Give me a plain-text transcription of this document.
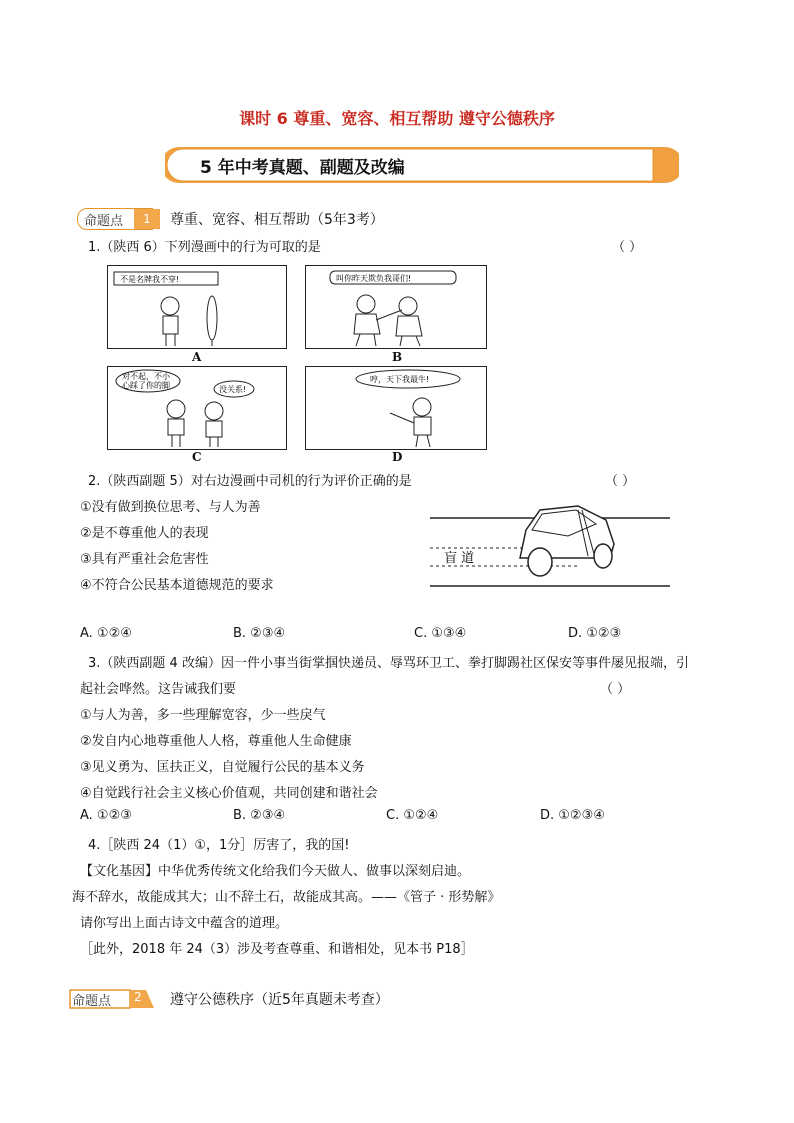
课时 6 尊重、宽容、相互帮助 遵守公德秩序
5 年中考真题、副题及改编
命题点	1	尊重、宽容、相互帮助（5年3考）
1.（陕西 6）下列漫画中的行为可取的是	（ ）
不是名牌我不穿!
A
叫你昨天欺负我哥们!
B
对不起，不小
心踩了你的脚	没关系!
C
哼，天下我最牛!
D
2.（陕西副题 5）对右边漫画中司机的行为评价正确的是	（ ）
①没有做到换位思考、与人为善
②是不尊重他人的表现
③具有严重社会危害性
④不符合公民基本道德规范的要求
盲 道
A. ①②④	B. ②③④	C. ①③④	D. ①②③
3.（陕西副题 4 改编）因一件小事当街掌掴快递员、辱骂环卫工、拳打脚踢社区保安等事件屡见报端，引
起社会哗然。这告诫我们要	（ ）
①与人为善，多一些理解宽容，少一些戾气
②发自内心地尊重他人人格，尊重他人生命健康
③见义勇为、匡扶正义，自觉履行公民的基本义务
④自觉践行社会主义核心价值观，共同创建和谐社会
A. ①②③	B. ②③④	C. ①②④	D. ①②③④
4.［陕西 24（1）①，1分］厉害了，我的国!
【文化基因】中华优秀传统文化给我们今天做人、做事以深刻启迪。
海不辞水，故能成其大；山不辞土石，故能成其高。——《管子 · 形势解》
请你写出上面古诗文中蕴含的道理。
［此外，2018 年 24（3）涉及考查尊重、和谐相处，见本书 P18］
命题点 2 遵守公德秩序（近5年真题未考查）
